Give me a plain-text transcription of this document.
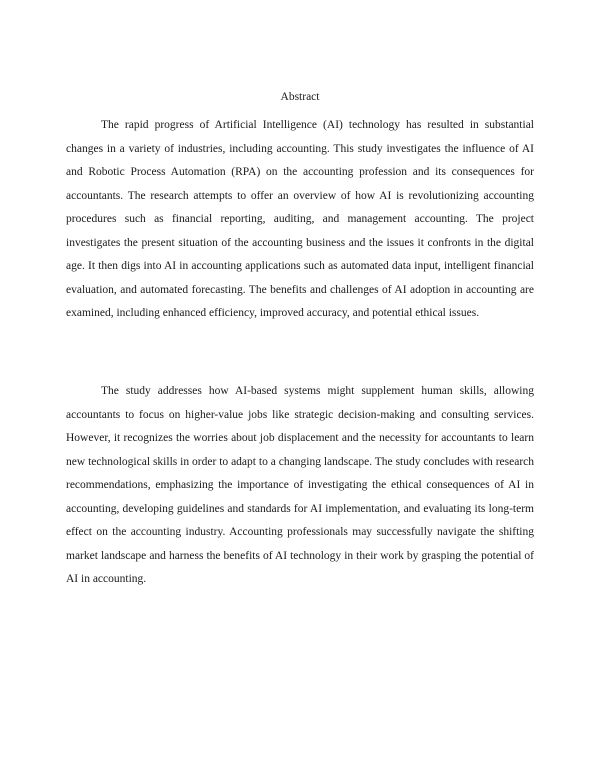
Abstract

The rapid progress of Artificial Intelligence (AI) technology has resulted in substantial changes in a variety of industries, including accounting. This study investigates the influence of AI and Robotic Process Automation (RPA) on the accounting profession and its consequences for accountants. The research attempts to offer an overview of how AI is revolutionizing accounting procedures such as financial reporting, auditing, and management accounting. The project investigates the present situation of the accounting business and the issues it confronts in the digital age. It then digs into AI in accounting applications such as automated data input, intelligent financial evaluation, and automated forecasting. The benefits and challenges of AI adoption in accounting are examined, including enhanced efficiency, improved accuracy, and potential ethical issues.

The study addresses how AI-based systems might supplement human skills, allowing accountants to focus on higher-value jobs like strategic decision-making and consulting services. However, it recognizes the worries about job displacement and the necessity for accountants to learn new technological skills in order to adapt to a changing landscape. The study concludes with research recommendations, emphasizing the importance of investigating the ethical consequences of AI in accounting, developing guidelines and standards for AI implementation, and evaluating its long-term effect on the accounting industry. Accounting professionals may successfully navigate the shifting market landscape and harness the benefits of AI technology in their work by grasping the potential of AI in accounting.
